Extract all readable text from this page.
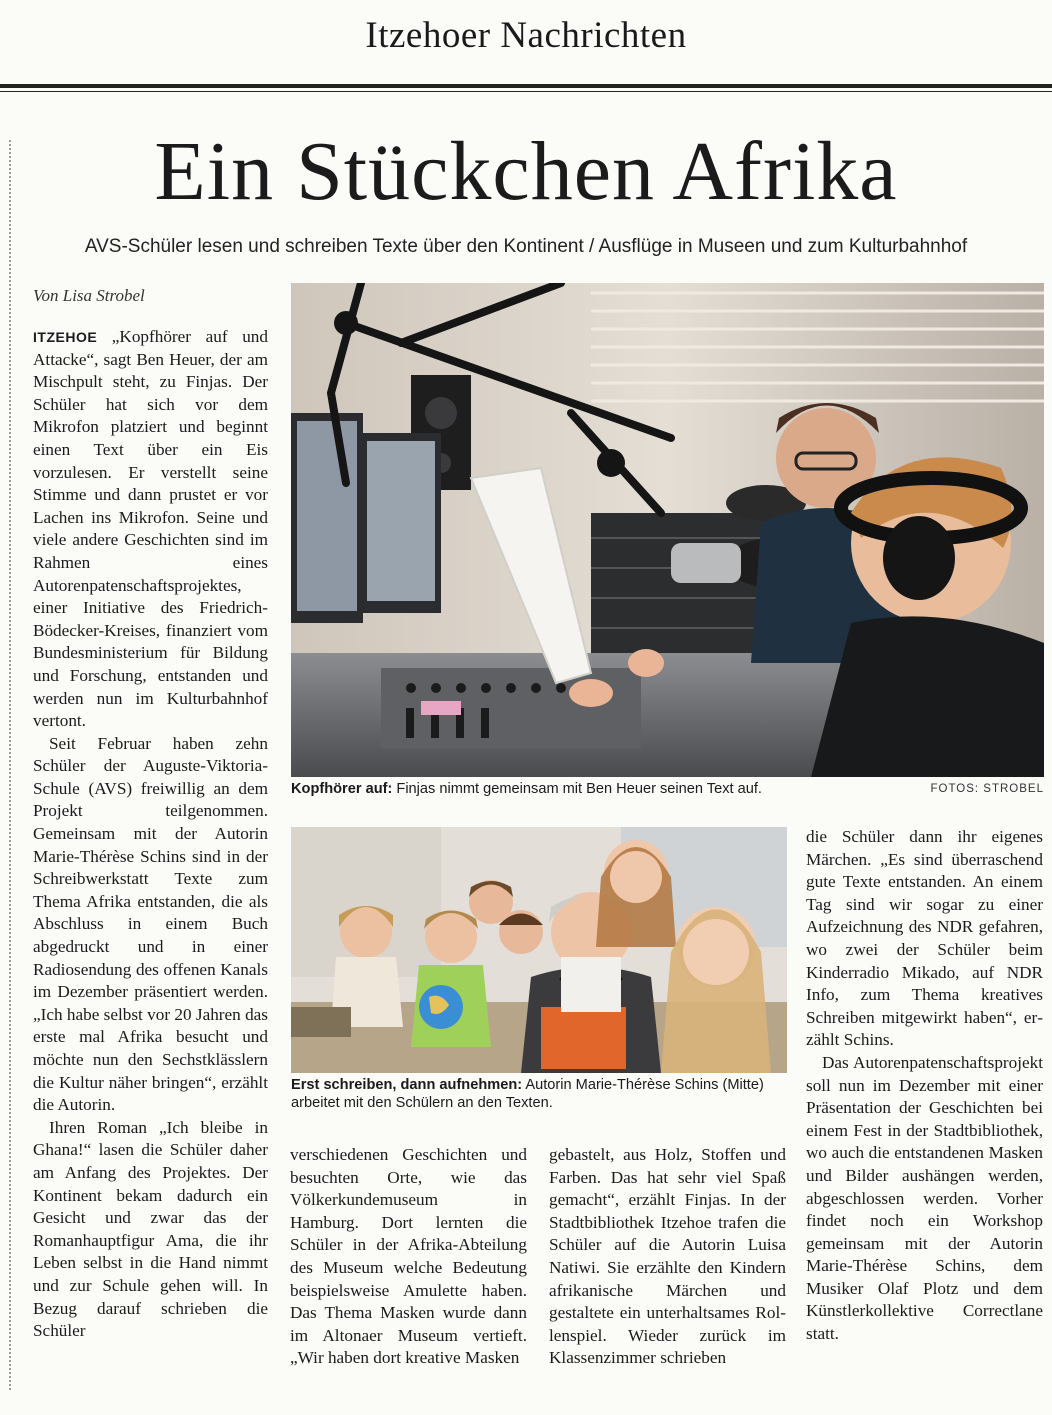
Itzehoer Nachrichten
Ein Stückchen Afrika
AVS-Schüler lesen und schreiben Texte über den Kontinent / Ausflüge in Museen und zum Kulturbahnhof
Von Lisa Strobel

ITZEHOE „Kopfhörer auf und Attacke“, sagt Ben Heuer, der am Mischpult steht, zu Finjas. Der Schüler hat sich vor dem Mikrofon platziert und beginnt einen Text über ein Eis vorzulesen. Er verstellt seine Stimme und dann prustet er vor Lachen ins Mikrofon. Seine und viele andere Geschichten sind im Rahmen eines Autorenpatenschaftsprojektes, einer Initiative des Friedrich-Bödecker-Kreises, finanziert vom Bundesministerium für Bildung und Forschung, entstanden und werden nun im Kulturbahnhof vertont.

Seit Februar haben zehn Schüler der Auguste-Viktoria-Schule (AVS) freiwillig an dem Projekt teilgenommen. Gemeinsam mit der Autorin Marie-Thérèse Schins sind in der Schreibwerkstatt Texte zum Thema Afrika entstanden, die als Abschluss in einem Buch abgedruckt und in einer Radiosendung des offenen Kanals im Dezember präsentiert werden. „Ich habe selbst vor 20 Jahren das erste mal Afrika besucht und möchte nun den Sechstklässlern die Kultur näher bringen“, erzählt die Autorin.

Ihren Roman „Ich bleibe in Ghana!“ lasen die Schüler daher am Anfang des Projektes. Der Kontinent bekam dadurch ein Gesicht und zwar das der Romanhauptfigur Ama, die ihr Leben selbst in die Hand nimmt und zur Schule gehen will. In Bezug darauf schrieben die Schüler

Kopfhörer auf: Finjas nimmt gemeinsam mit Ben Heuer seinen Text auf.	FOTOS: STROBEL
Erst schreiben, dann aufnehmen: Autorin Marie-Thérèse Schins (Mitte) arbeitet mit den Schülern an den Texten.

verschiedenen Geschichten und besuchten Orte, wie das Völkerkundemuseum in Hamburg. Dort lernten die Schüler in der Afrika-Abteilung des Museum welche Bedeutung beispielsweise Amulette haben. Das Thema Masken wurde dann im Altonaer Museum vertieft. „Wir haben dort kreative Masken

gebastelt, aus Holz, Stoffen und Farben. Das hat sehr viel Spaß gemacht“, erzählt Finjas. In der Stadtbibliothek Itzehoe trafen die Schüler auf die Autorin Luisa Natiwi. Sie erzählte den Kindern afrikanische Märchen und gestaltete ein unterhaltsames Rollenspiel. Wieder zurück im Klassenzimmer schrieben

die Schüler dann ihr eigenes Märchen. „Es sind überraschend gute Texte entstanden. An einem Tag sind wir sogar zu einer Aufzeichnung des NDR gefahren, wo zwei der Schüler beim Kinderradio Mikado, auf NDR Info, zum Thema kreatives Schreiben mitgewirkt haben“, erzählt Schins.

Das Autorenpatenschaftsprojekt soll nun im Dezember mit einer Präsentation der Geschichten bei einem Fest in der Stadtbibliothek, wo auch die entstandenen Masken und Bilder aushängen werden, abgeschlossen werden. Vorher findet noch ein Workshop gemeinsam mit der Autorin Marie-Thérèse Schins, dem Musiker Olaf Plotz und dem Künstlerkollektive Correctlane statt.
